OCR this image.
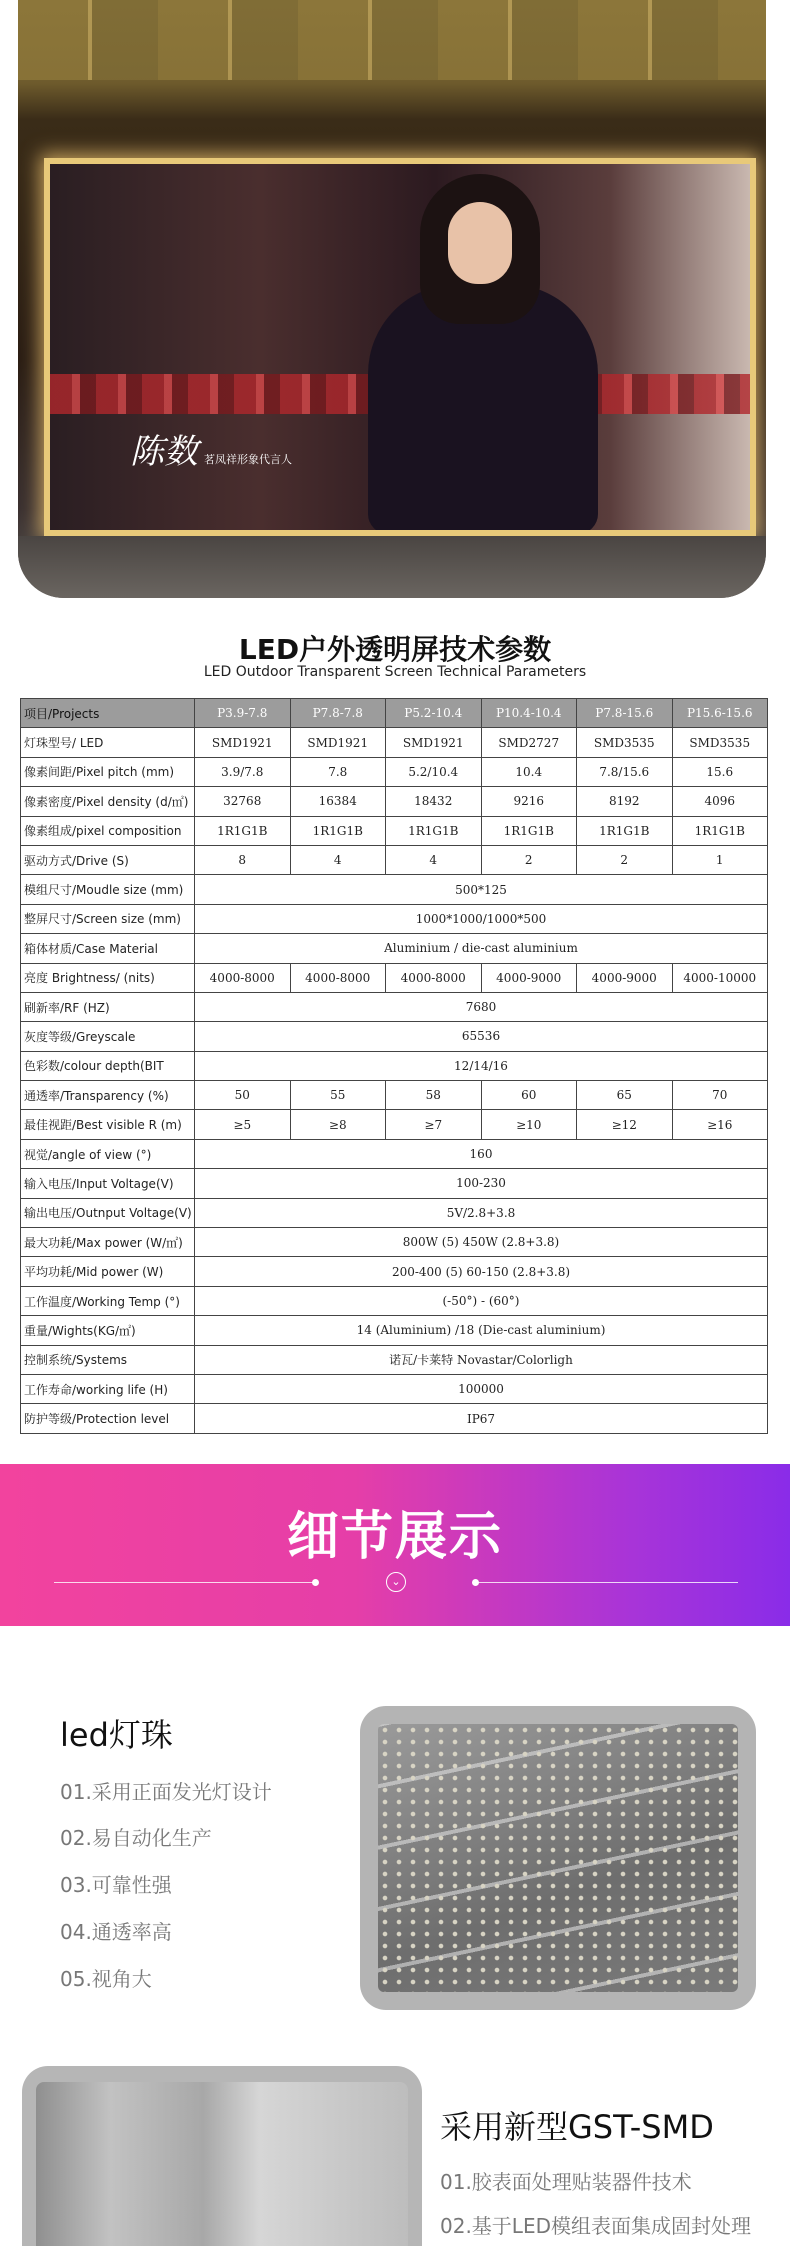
陈数 茗凤祥形象代言人
LED户外透明屏技术参数
LED Outdoor Transparent Screen Technical Parameters
项目/Projects	P3.9-7.8	P7.8-7.8	P5.2-10.4	P10.4-10.4	P7.8-15.6	P15.6-15.6
灯珠型号/ LED	SMD1921	SMD1921	SMD1921	SMD2727	SMD3535	SMD3535
像素间距/Pixel pitch (mm)	3.9/7.8	7.8	5.2/10.4	10.4	7.8/15.6	15.6
像素密度/Pixel density (d/㎡)	32768	16384	18432	9216	8192	4096
像素组成/pixel composition	1R1G1B	1R1G1B	1R1G1B	1R1G1B	1R1G1B	1R1G1B
驱动方式/Drive (S)	8	4	4	2	2	1
模组尺寸/Moudle size (mm)	500*125					
整屏尺寸/Screen size (mm)	1000*1000/1000*500					
箱体材质/Case Material	Aluminium / die-cast aluminium					
亮度 Brightness/ (nits)	4000-8000	4000-8000	4000-8000	4000-9000	4000-9000	4000-10000
刷新率/RF (HZ)	7680					
灰度等级/Greyscale	65536					
色彩数/colour depth(BIT	12/14/16					
通透率/Transparency (%)	50	55	58	60	65	70
最佳视距/Best visible R (m)	≥5	≥8	≥7	≥10	≥12	≥16
视觉/angle of view (°)	160					
输入电压/Input Voltage(V)	100-230					
输出电压/Outnput Voltage(V)	5V/2.8+3.8					
最大功耗/Max power (W/㎡)	800W (5) 450W (2.8+3.8)					
平均功耗/Mid power (W)	200-400 (5) 60-150 (2.8+3.8)					
工作温度/Working Temp (°)	(-50°) - (60°)					
重量/Wights(KG/㎡)	14 (Aluminium) /18 (Die-cast aluminium)					
控制系统/Systems	诺瓦/卡莱特 Novastar/Colorligh					
工作寿命/working life (H)	100000					
防护等级/Protection level	IP67					
细节展示
⌄
led灯珠
01.采用正面发光灯设计
02.易自动化生产
03.可靠性强
04.通透率高
05.视角大
采用新型GST-SMD
01.胶表面处理贴装器件技术
02.基于LED模组表面集成固封处理
